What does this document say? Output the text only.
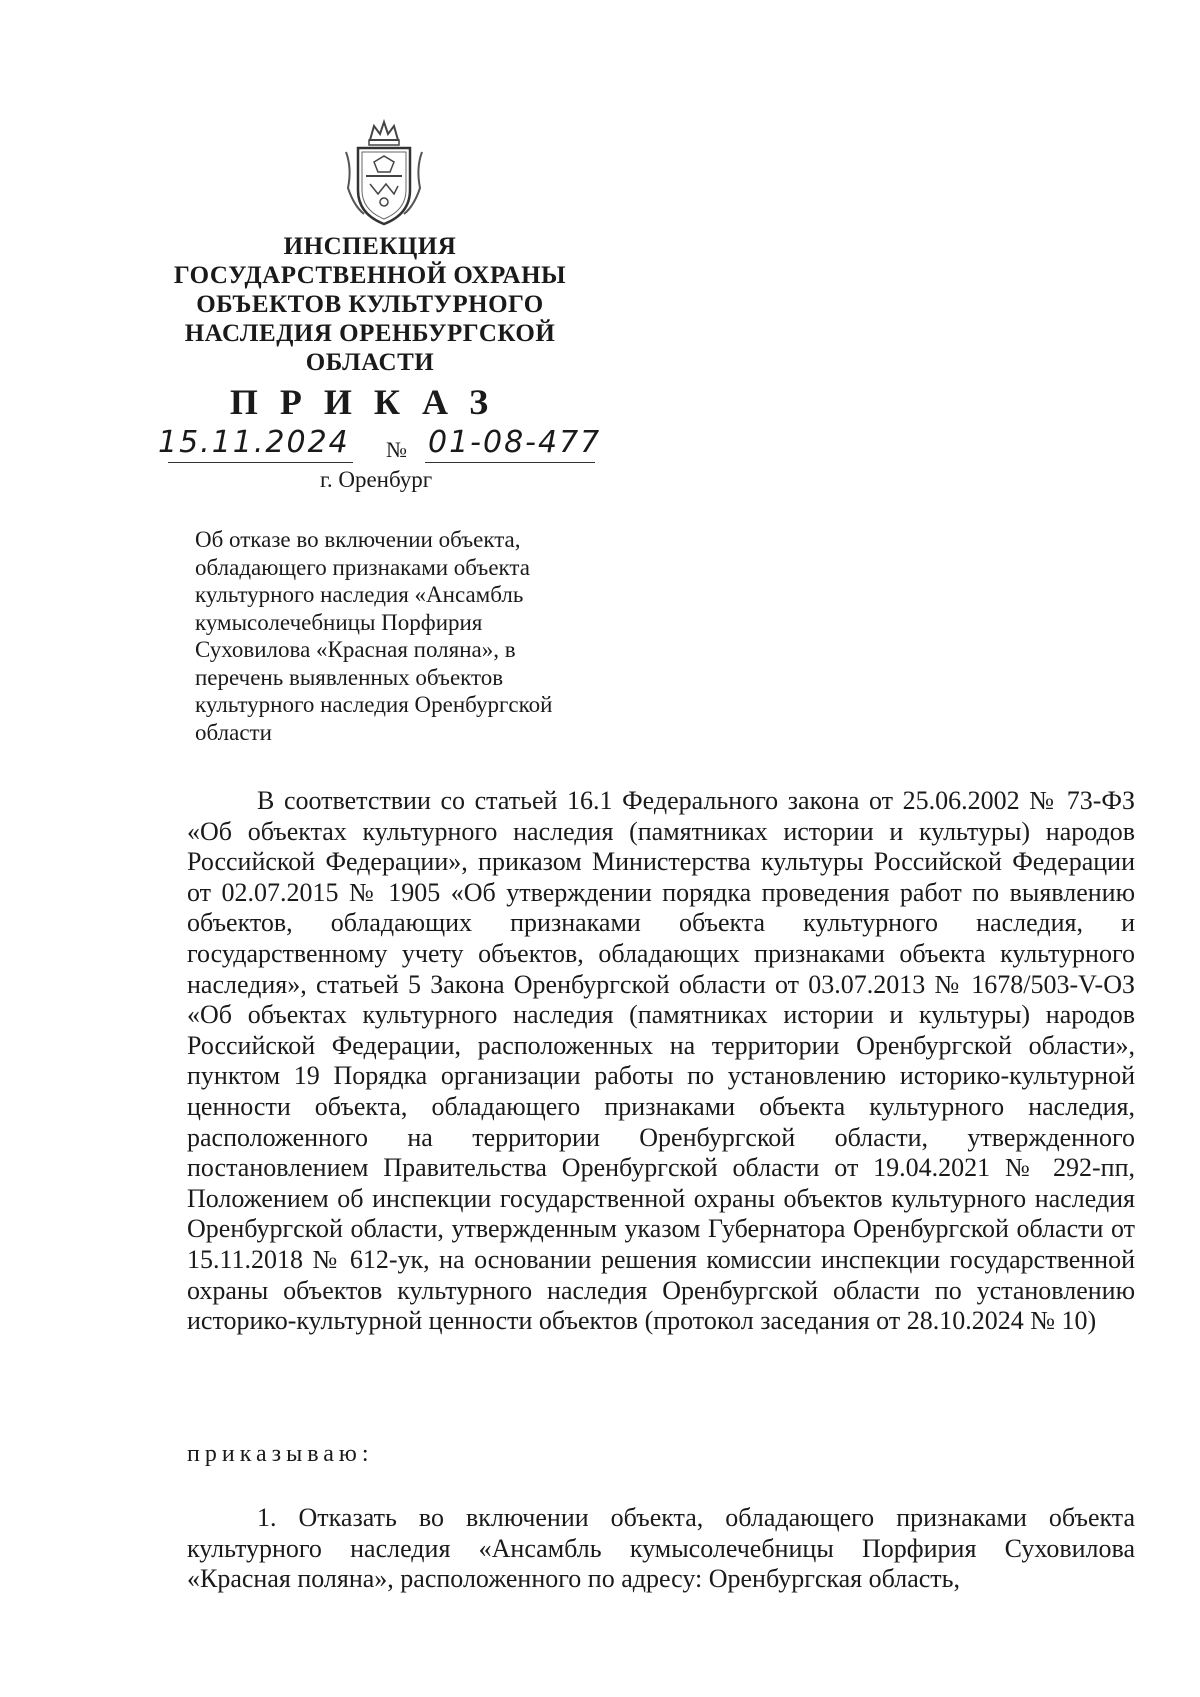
ИНСПЕКЦИЯ
ГОСУДАРСТВЕННОЙ ОХРАНЫ
ОБЪЕКТОВ КУЛЬТУРНОГО
НАСЛЕДИЯ ОРЕНБУРГСКОЙ
ОБЛАСТИ
ПРИКАЗ
15.11.2024 № 01-08-477
г. Оренбург
Об отказе во включении объекта,
обладающего признаками объекта
культурного наследия «Ансамбль
кумысолечебницы Порфирия
Суховилова «Красная поляна», в
перечень выявленных объектов
культурного наследия Оренбургской
области

В соответствии со статьей 16.1 Федерального закона от 25.06.2002 № 73-ФЗ «Об объектах культурного наследия (памятниках истории и культуры) народов Российской Федерации», приказом Министерства культуры Российской Федерации от 02.07.2015 № 1905 «Об утверждении порядка проведения работ по выявлению объектов, обладающих признаками объекта культурного наследия, и государственному учету объектов, обладающих признаками объекта культурного наследия», статьей 5 Закона Оренбургской области от 03.07.2013 № 1678/503-V-ОЗ «Об объектах культурного наследия (памятниках истории и культуры) народов Российской Федерации, расположенных на территории Оренбургской области», пунктом 19 Порядка организации работы по установлению историко-культурной ценности объекта, обладающего признаками объекта культурного наследия, расположенного на территории Оренбургской области, утвержденного постановлением Правительства Оренбургской области от 19.04.2021 № 292-пп, Положением об инспекции государственной охраны объектов культурного наследия Оренбургской области, утвержденным указом Губернатора Оренбургской области от 15.11.2018 № 612-ук, на основании решения комиссии инспекции государственной охраны объектов культурного наследия Оренбургской области по установлению историко-культурной ценности объектов (протокол заседания от 28.10.2024 № 10)

приказываю:

1. Отказать во включении объекта, обладающего признаками объекта культурного наследия «Ансамбль кумысолечебницы Порфирия Суховилова «Красная поляна», расположенного по адресу: Оренбургская область,
